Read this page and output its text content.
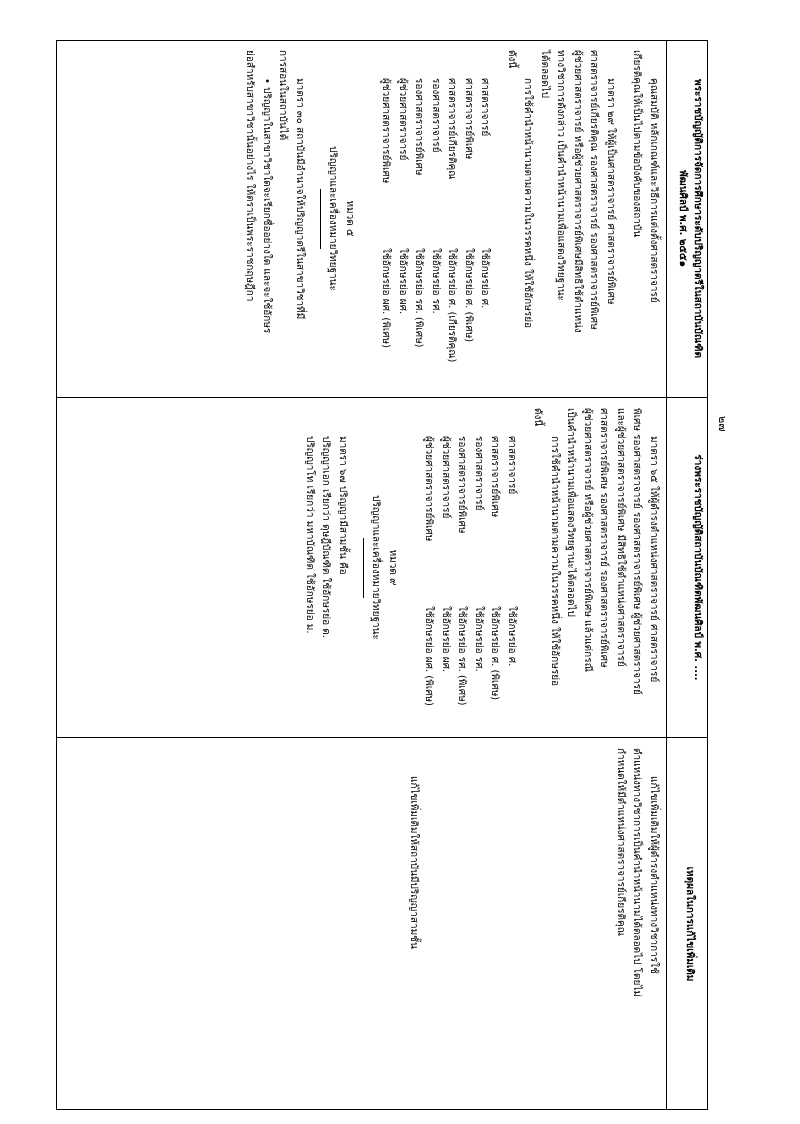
๒๗
พระราชบัญญัติการจัดการศึกษาระดับปริญญาตรีในสถาบันบัณฑิต
พัฒนศิลป์ พ.ศ. ๒๕๕๑
คุณสมบัติ หลักเกณฑ์และวิธีการแต่งตั้งศาสตราจารย์
เกียรติคุณให้เป็นไปตามข้อบังคับของสถาบัน
มาตรา ๒๙ ให้ผู้เป็นศาสตราจารย์ ศาสตราจารย์พิเศษ
ศาสตราจารย์เกียรติคุณ รองศาสตราจารย์ รองศาสตราจารย์พิเศษ
ผู้ช่วยศาสตราจารย์ หรือผู้ช่วยศาสตราจารย์พิเศษมีสิทธิใช้ตำแหน่ง
ทางวิชาการดังกล่าว เป็นคำนำหน้านามเพื่อแสดงวิทยฐานะ
ได้ตลอดไป
การใช้คำนำหน้านามตามความในวรรคหนึ่ง ให้ใช้อักษรย่อ
ดังนี้
ศาสตราจารย์
ใช้อักษรย่อ ศ.
ศาสตราจารย์พิเศษ
ใช้อักษรย่อ ศ. (พิเศษ)
ศาสตราจารย์เกียรติคุณ
ใช้อักษรย่อ ศ. (เกียรติคุณ)
รองศาสตราจารย์
ใช้อักษรย่อ รศ.
รองศาสตราจารย์พิเศษ
ใช้อักษรย่อ รศ. (พิเศษ)
ผู้ช่วยศาสตราจารย์
ใช้อักษรย่อ ผศ.
ผู้ช่วยศาสตราจารย์พิเศษ
ใช้อักษรย่อ ผศ. (พิเศษ)
หมวด ๕
ปริญญาและเครื่องหมายวิทยฐานะ
มาตรา ๓๐ สถาบันมีอำนาจให้ปริญญาตรีในสาขาวิชาที่มี
การสอนในสถาบันได้
• ปริญญาในสาขาวิชาใดจะเรียกชื่ออย่างใด และจะใช้อักษร
ย่อสำหรับสาขาวิชานั้นอย่างไร ให้ตราเป็นพระราชกฤษฎีกา
ร่างพระราชบัญญัติสถาบันบัณฑิตพัฒนศิลป์ พ.ศ. ....
มาตรา ๖๕ ให้ผู้ดำรงตำแหน่งศาสตราจารย์ ศาสตราจารย์
พิเศษ รองศาสตราจารย์ รองศาสตราจารย์พิเศษ ผู้ช่วยศาสตราจารย์
และผู้ช่วยศาสตราจารย์พิเศษ มีสิทธิใช้ตำแหน่งศาสตราจารย์
ศาสตราจารย์พิเศษ รองศาสตราจารย์ รองศาสตราจารย์พิเศษ
ผู้ช่วยศาสตราจารย์ หรือผู้ช่วยศาสตราจารย์พิเศษ แล้วแต่กรณี
เป็นคำนำหน้านามเพื่อแสดงวิทยฐานะได้ตลอดไป
การใช้คำนำหน้านามตามความในวรรคหนึ่ง ให้ใช้อักษรย่อ
ดังนี้
ศาสตราจารย์
ใช้อักษรย่อ ศ.
ศาสตราจารย์พิเศษ
ใช้อักษรย่อ ศ. (พิเศษ)
รองศาสตราจารย์
ใช้อักษรย่อ รศ.
รองศาสตราจารย์พิเศษ
ใช้อักษรย่อ รศ. (พิเศษ)
ผู้ช่วยศาสตราจารย์
ใช้อักษรย่อ ผศ.
ผู้ช่วยศาสตราจารย์พิเศษ
ใช้อักษรย่อ ผศ. (พิเศษ)
หมวด ๙
ปริญญาและเครื่องหมายวิทยฐานะ
มาตรา ๖๗ ปริญญามีสามชั้น คือ
ปริญญาเอก เรียกว่า ดุษฎีบัณฑิต ใช้อักษรย่อ ด.
ปริญญาโท เรียกว่า มหาบัณฑิต ใช้อักษรย่อ ม.
เหตุผลในการแก้ไขเพิ่มเติม
แก้ไขเพิ่มเติมให้ผู้ดำรงตำแหน่งทางวิชาการใช้
ตำแหน่งทางวิชาการเป็นคำนำหน้านามได้ตลอดไป โดยไม่
กำหนดให้มีตำแหน่งศาสตราจารย์เกียรติคุณ
แก้ไขเพิ่มเติมให้สถาบันมีปริญญาสามชั้น
